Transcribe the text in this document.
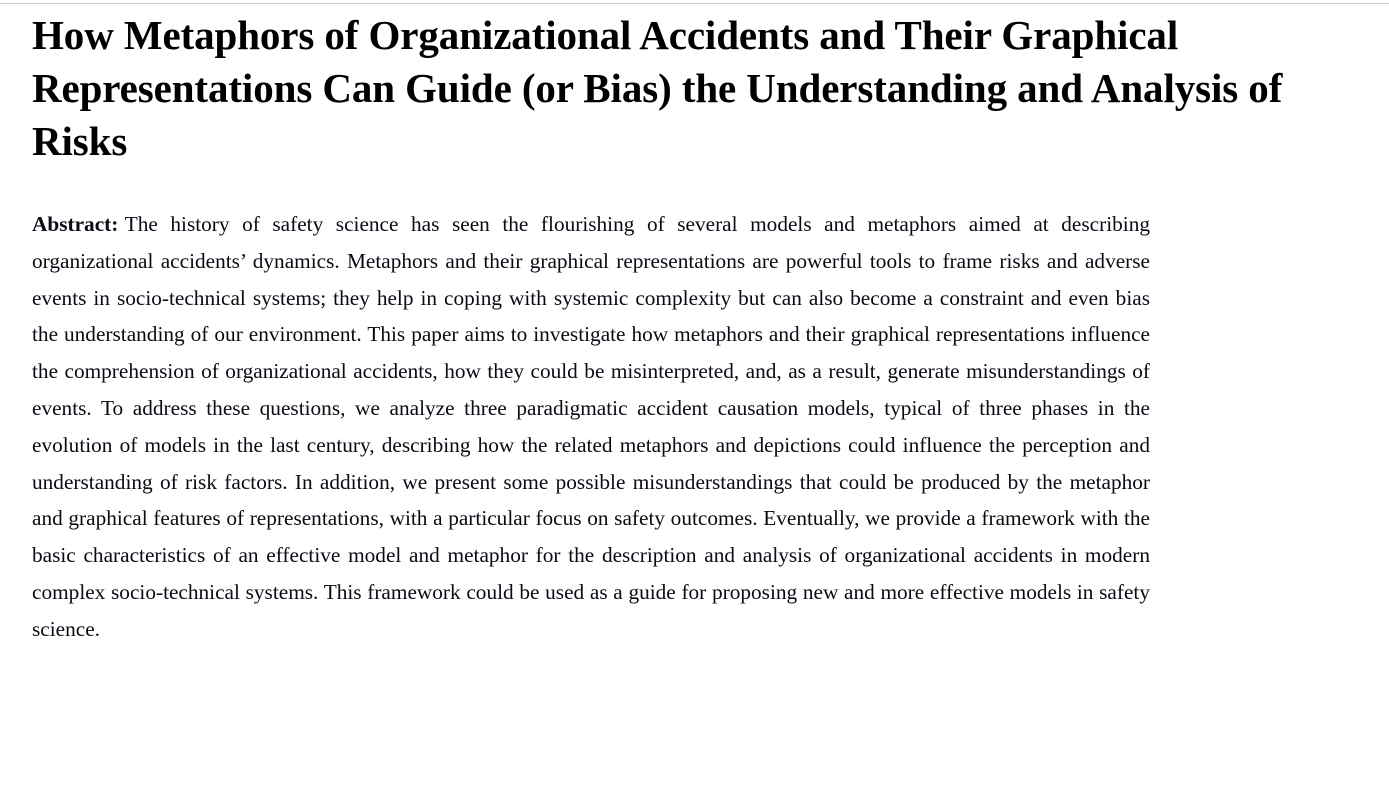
How Metaphors of Organizational Accidents and Their Graphical Representations Can Guide (or Bias) the Understanding and Analysis of Risks
Abstract: The history of safety science has seen the flourishing of several models and metaphors aimed at describing organizational accidents’ dynamics. Metaphors and their graphical representations are powerful tools to frame risks and adverse events in socio-technical systems; they help in coping with systemic complexity but can also become a constraint and even bias the understanding of our environment. This paper aims to investigate how metaphors and their graphical representations influence the comprehension of organizational accidents, how they could be misinterpreted, and, as a result, generate misunderstandings of events. To address these questions, we analyze three paradigmatic accident causation models, typical of three phases in the evolution of models in the last century, describing how the related metaphors and depictions could influence the perception and understanding of risk factors. In addition, we present some possible misunderstandings that could be produced by the metaphor and graphical features of representations, with a particular focus on safety outcomes. Eventually, we provide a framework with the basic characteristics of an effective model and metaphor for the description and analysis of organizational accidents in modern complex socio-technical systems. This framework could be used as a guide for proposing new and more effective models in safety science.
